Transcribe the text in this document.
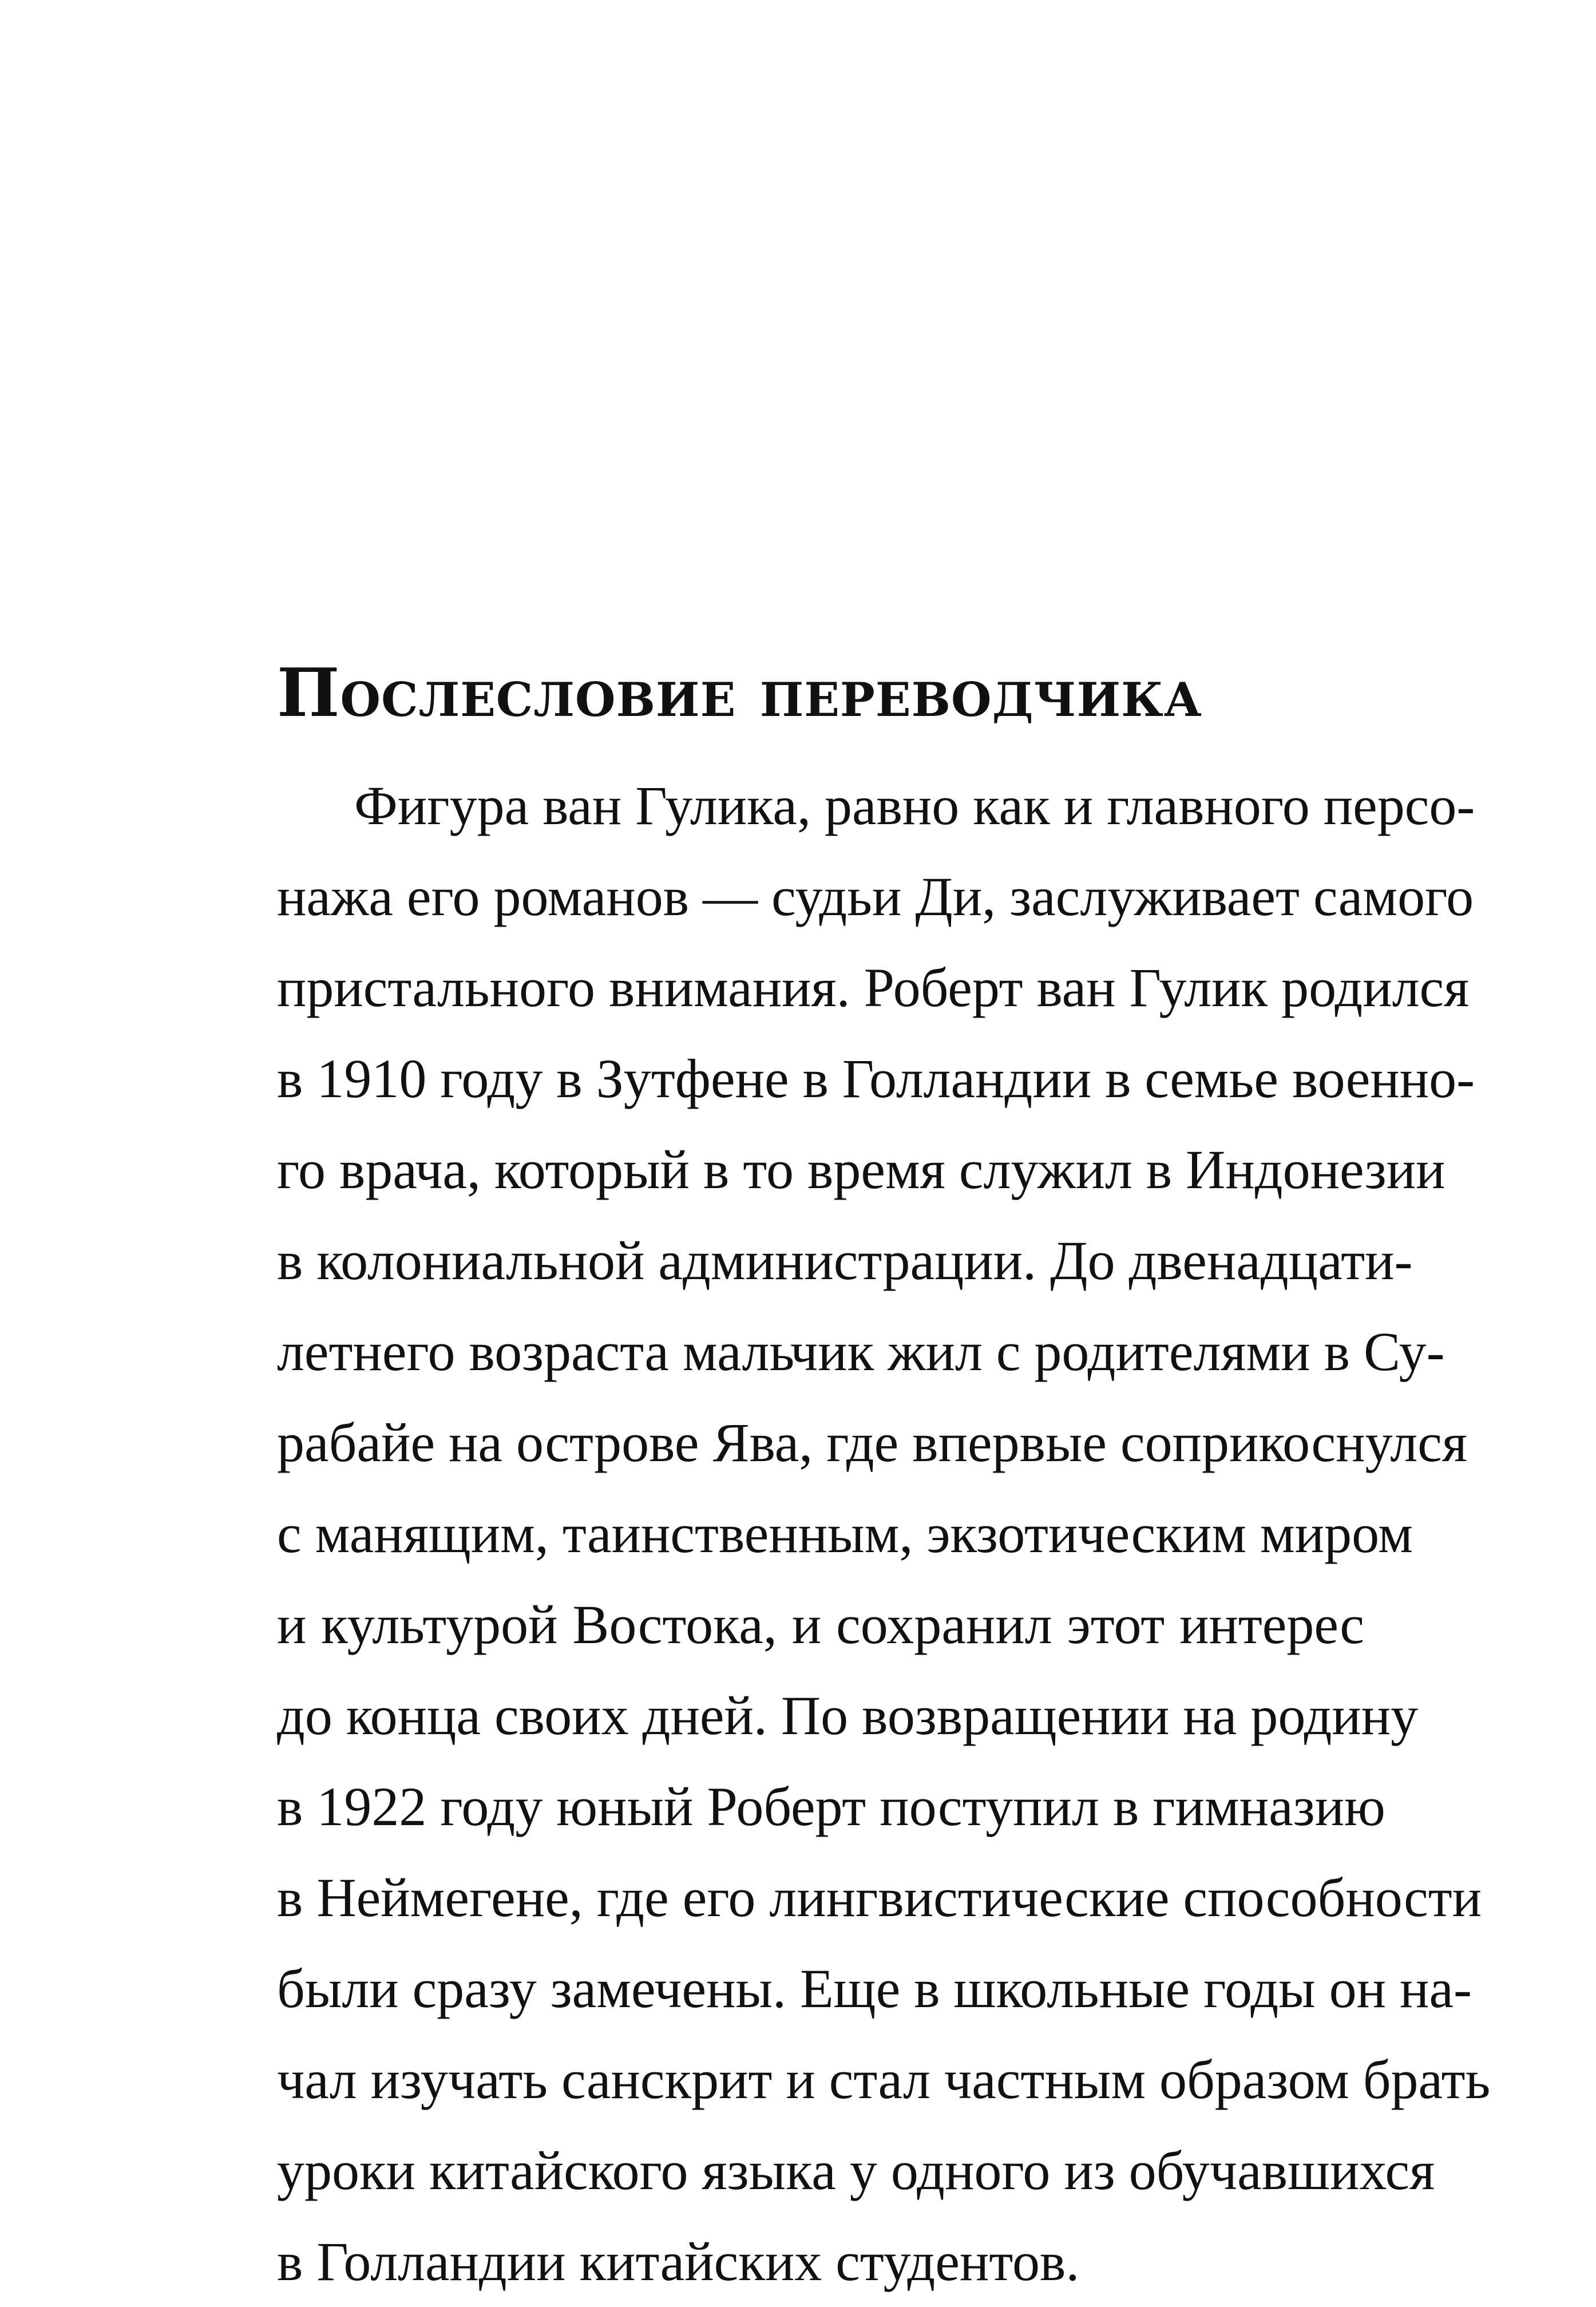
Послесловие переводчика
Фигура ван Гулика, равно как и главного персо-
нажа его романов — судьи Ди, заслуживает самого
пристального внимания. Роберт ван Гулик родился
в 1910 году в Зутфене в Голландии в семье военно-
го врача, который в то время служил в Индонезии
в колониальной администрации. До двенадцати-
летнего возраста мальчик жил с родителями в Су-
рабайе на острове Ява, где впервые соприкоснулся
с манящим, таинственным, экзотическим миром
и культурой Востока, и сохранил этот интерес
до конца своих дней. По возвращении на родину
в 1922 году юный Роберт поступил в гимназию
в Неймегене, где его лингвистические способности
были сразу замечены. Еще в школьные годы он на-
чал изучать санскрит и стал частным образом брать
уроки китайского языка у одного из обучавшихся
в Голландии китайских студентов.
